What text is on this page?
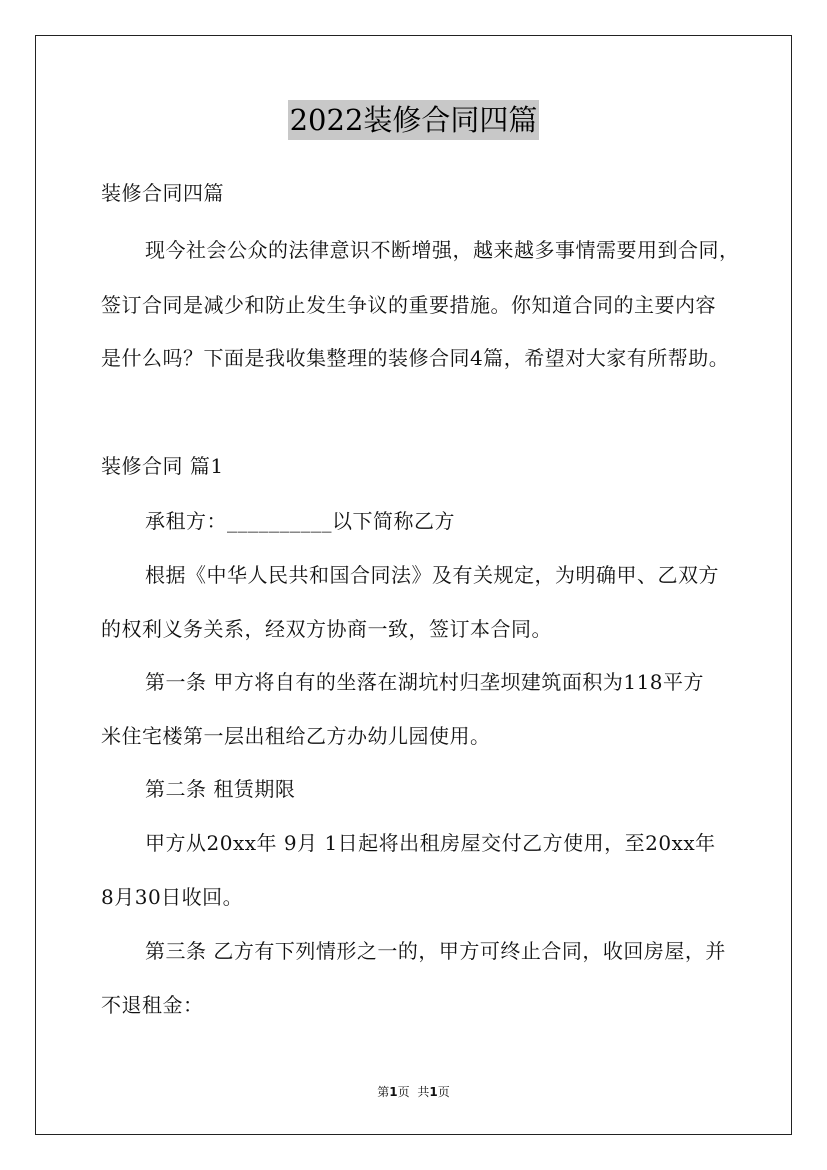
2022装修合同四篇
装修合同四篇
现今社会公众的法律意识不断增强，越来越多事情需要用到合同，
签订合同是减少和防止发生争议的重要措施。你知道合同的主要内容
是什么吗？下面是我收集整理的装修合同4篇，希望对大家有所帮助。
装修合同 篇1
承租方：__________以下简称乙方
根据《中华人民共和国合同法》及有关规定，为明确甲、乙双方
的权利义务关系，经双方协商一致，签订本合同。
第一条 甲方将自有的坐落在湖坑村归垄坝建筑面积为118平方
米住宅楼第一层出租给乙方办幼儿园使用。
第二条 租赁期限
甲方从20xx年 9月 1日起将出租房屋交付乙方使用，至20xx年
8月30日收回。
第三条 乙方有下列情形之一的，甲方可终止合同，收回房屋，并
不退租金：
第1页 共1页
